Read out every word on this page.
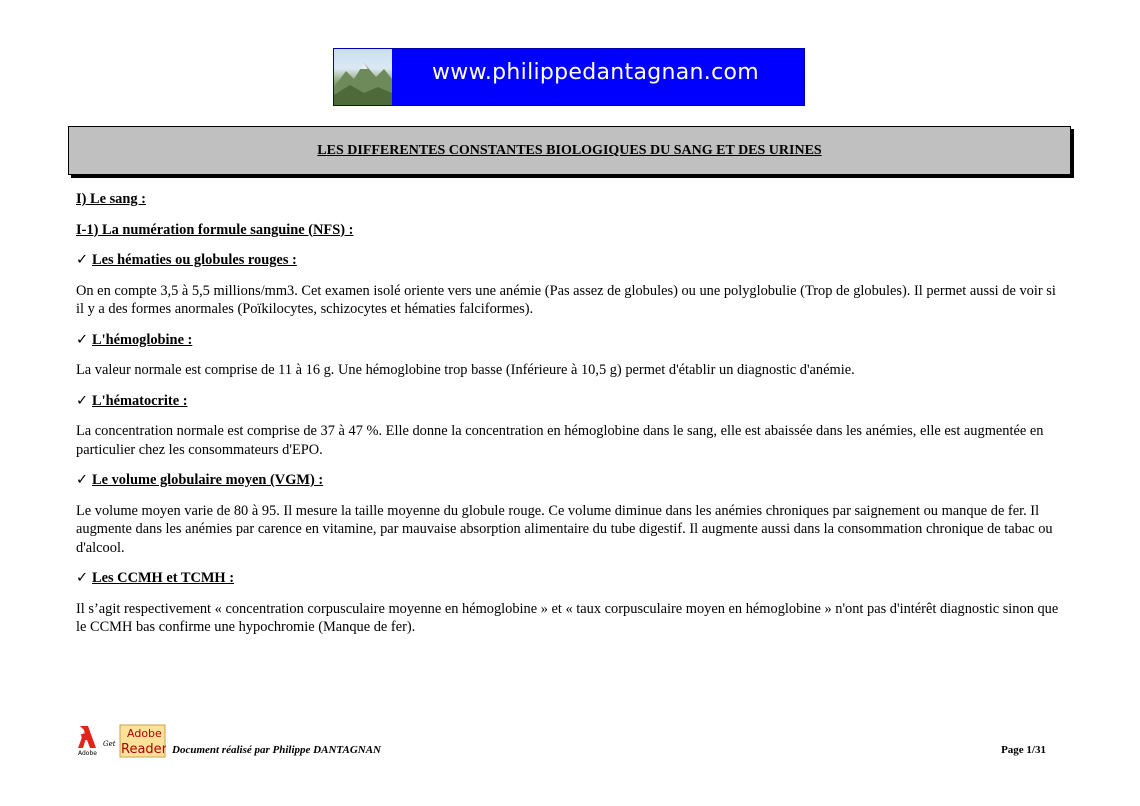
www.philippedantagnan.com
LES DIFFERENTES CONSTANTES BIOLOGIQUES DU SANG ET DES URINES
I) Le sang :
I-1) La numération formule sanguine (NFS) :
✓ Les hématies ou globules rouges :
On en compte 3,5 à 5,5 millions/mm3. Cet examen isolé oriente vers une anémie (Pas assez de globules) ou une polyglobulie (Trop de globules). Il permet aussi de voir si il y a des formes anormales (Poïkilocytes, schizocytes et hématies falciformes).
✓ L'hémoglobine :
La valeur normale est comprise de 11 à 16 g. Une hémoglobine trop basse (Inférieure à 10,5 g) permet d'établir un diagnostic d'anémie.
✓ L'hématocrite :
La concentration normale est comprise de 37 à 47 %. Elle donne la concentration en hémoglobine dans le sang, elle est abaissée dans les anémies, elle est augmentée en particulier chez les consommateurs d'EPO.
✓ Le volume globulaire moyen (VGM) :
Le volume moyen varie de 80 à 95. Il mesure la taille moyenne du globule rouge. Ce volume diminue dans les anémies chroniques par saignement ou manque de fer. Il augmente dans les anémies par carence en vitamine, par mauvaise absorption alimentaire du tube digestif. Il augmente aussi dans la consommation chronique de tabac ou d'alcool.
✓ Les CCMH et TCMH :
Il s’agit respectivement « concentration corpusculaire moyenne en hémoglobine » et « taux corpusculaire moyen en hémoglobine » n'ont pas d'intérêt diagnostic sinon que le CCMH bas confirme une hypochromie (Manque de fer).
Adobe
Get
Adobe
Reader Document réalisé par Philippe DANTAGNAN	Page 1/31
